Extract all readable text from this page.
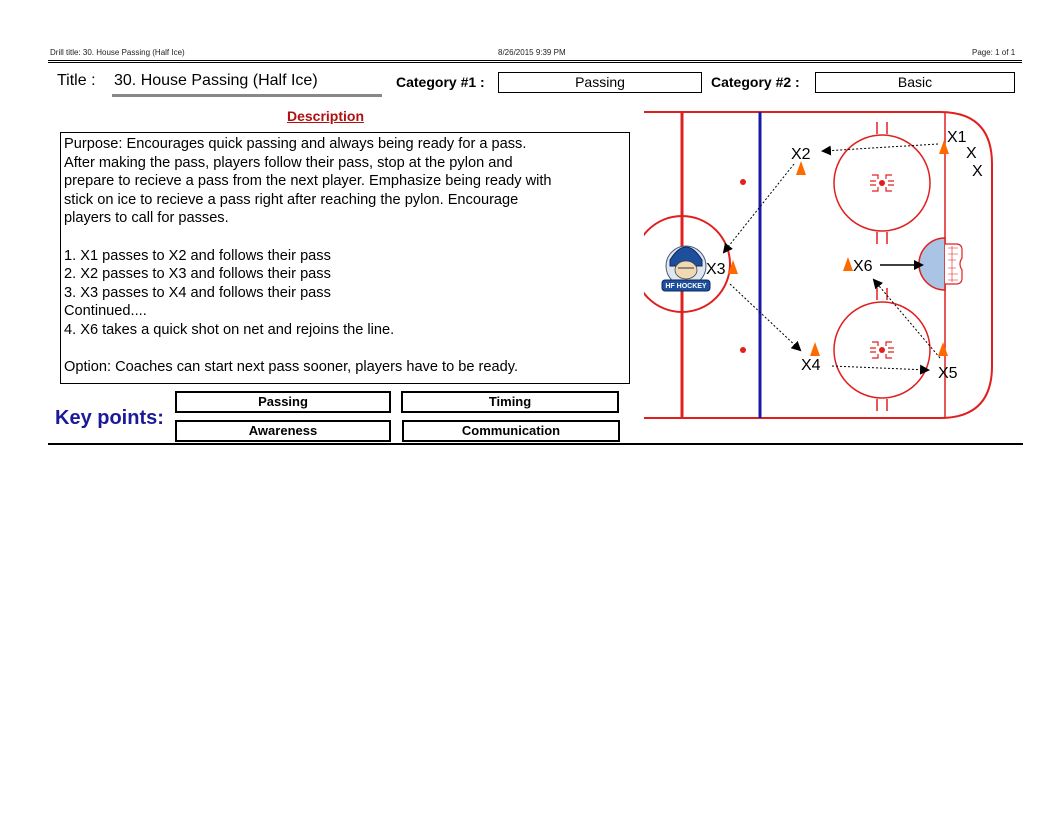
Drill title: 30. House Passing (Half Ice)	8/26/2015 9:39 PM	Page: 1 of 1
Title : 30. House Passing (Half Ice)	Category #1 :	Passing	Category #2 :	Basic
Description
Purpose: Encourages quick passing and always being ready for a pass.
After making the pass, players follow their pass, stop at the pylon and
prepare to recieve a pass from the next player. Emphasize being ready with
stick on ice to recieve a pass right after reaching the pylon. Encourage
players to call for passes.

1. X1 passes to X2 and follows their pass
2. X2 passes to X3 and follows their pass
3. X3 passes to X4 and follows their pass
Continued....
4. X6 takes a quick shot on net and rejoins the line.

Option: Coaches can start next pass sooner, players have to be ready.
Key points:
Passing	Timing
Awareness	Communication
HF HOCKEY
X1
X
X
X2
X3
X4	X5
X6
